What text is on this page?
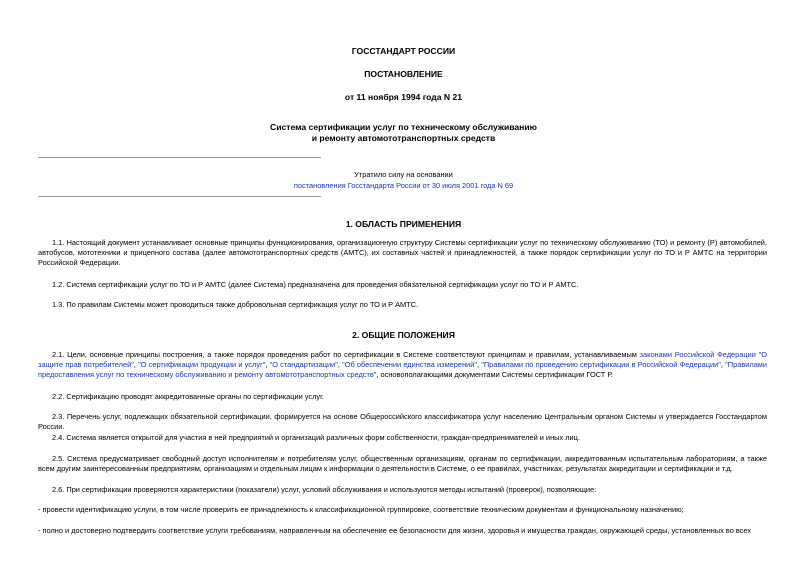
ГОССТАНДАРТ РОССИИ
ПОСТАНОВЛЕНИЕ
от 11 ноября 1994 года N 21
Система сертификации услуг по техническому обслуживанию
и ремонту автомототранспортных средств
Утратило силу на основании
постановления Госстандарта России от 30 июля 2001 года N 69
1. ОБЛАСТЬ ПРИМЕНЕНИЯ

1.1. Настоящий документ устанавливает основные принципы функционирования, организационную структуру Системы сертификации услуг по техническому обслуживанию (ТО) и ремонту (Р) автомобилей, автобусов, мототехники и прицепного состава (далее автомототранспортных средств (АМТС), их составных частей и принадлежностей, а также порядок сертификации услуг по ТО и Р АМТС на территории Российской Федерации.

1.2. Система сертификации услуг по ТО и Р АМТС (далее Система) предназначена для проведения обязательной сертификации услуг по ТО и Р АМТС.

1.3. По правилам Системы может проводиться также добровольная сертификация услуг по ТО и Р АМТС.

2. ОБЩИЕ ПОЛОЖЕНИЯ

2.1. Цели, основные принципы построения, а также порядок проведения работ по сертификации в Системе соответствуют принципам и правилам, устанавливаемым законами Российской Федерации "О защите прав потребителей", "О сертификации продукции и услуг", "О стандартизации", "Об обеспечении единства измерений", "Правилами по проведению сертификации в Российской Федерации", "Правилами предоставления услуг по техническому обслуживанию и ремонту автомототранспортных средств", основополагающими документами Системы сертификации ГОСТ Р.

2.2. Сертификацию проводят аккредитованные органы по сертификации услуг.

2.3. Перечень услуг, подлежащих обязательной сертификации, формируется на основе Общероссийского классификатора услуг населению Центральным органом Системы и утверждается Госстандартом России.

2.4. Система является открытой для участия в ней предприятий и организаций различных форм собственности, граждан-предпринимателей и иных лиц.

2.5. Система предусматривает свободный доступ исполнителям и потребителям услуг, общественным организациям, органам по сертификации, аккредитованным испытательным лабораториям, а также всем другим заинтересованным предприятиям, организациям и отдельным лицам к информации о деятельности в Системе, о ее правилах, участниках, результатах аккредитации и сертификации и т.д.

2.6. При сертификации проверяются характеристики (показатели) услуг, условий обслуживания и используются методы испытаний (проверок), позволяющие:

- провести идентификацию услуги, в том числе проверить ее принадлежность к классификационной группировке, соответствие техническим документам и функциональному назначению;

- полно и достоверно подтвердить соответствие услуги требованиям, направленным на обеспечение ее безопасности для жизни, здоровья и имущества граждан, окружающей среды, установленных во всех
